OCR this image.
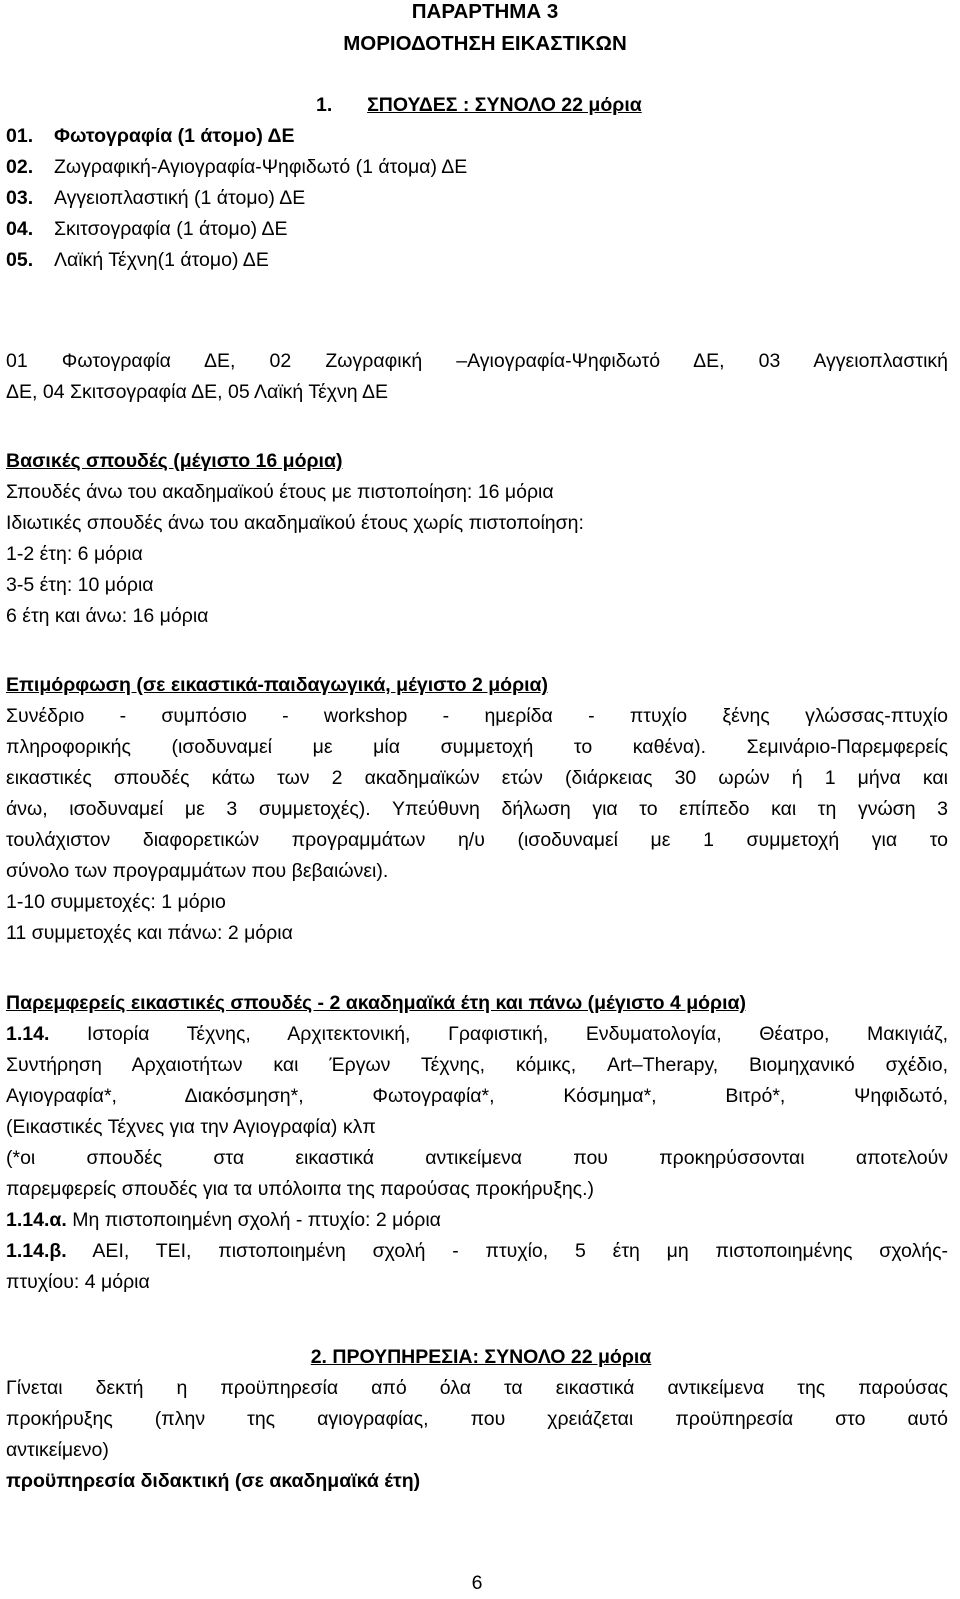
ΠΑΡΑΡΤΗΜΑ 3
ΜΟΡΙΟΔΟΤΗΣΗ ΕΙΚΑΣΤΙΚΩΝ
1. ΣΠΟΥΔΕΣ : ΣΥΝΟΛΟ 22 μόρια
01. Φωτογραφία (1 άτομο) ΔΕ
02. Ζωγραφική-Αγιογραφία-Ψηφιδωτό (1 άτομα) ΔΕ
03. Αγγειοπλαστική (1 άτομο) ΔΕ
04. Σκιτσογραφία (1 άτομο) ΔΕ
05. Λαϊκή Τέχνη(1 άτομο) ΔΕ
01 Φωτογραφία ΔΕ, 02 Ζωγραφική –Αγιογραφία-Ψηφιδωτό ΔΕ, 03 Αγγειοπλαστική
ΔΕ, 04 Σκιτσογραφία ΔΕ, 05 Λαϊκή Τέχνη ΔΕ
Βασικές σπουδές (μέγιστο 16 μόρια)
Σπουδές άνω του ακαδημαϊκού έτους με πιστοποίηση: 16 μόρια
Ιδιωτικές σπουδές άνω του ακαδημαϊκού έτους χωρίς πιστοποίηση:
1-2 έτη: 6 μόρια
3-5 έτη: 10 μόρια
6 έτη και άνω: 16 μόρια
Επιμόρφωση (σε εικαστικά-παιδαγωγικά, μέγιστο 2 μόρια)
Συνέδριο - συμπόσιο - workshop - ημερίδα - πτυχίο ξένης γλώσσας-πτυχίο
πληροφορικής (ισοδυναμεί με μία συμμετοχή το καθένα). Σεμινάριο-Παρεμφερείς
εικαστικές σπουδές κάτω των 2 ακαδημαϊκών ετών (διάρκειας 30 ωρών ή 1 μήνα και
άνω, ισοδυναμεί με 3 συμμετοχές). Υπεύθυνη δήλωση για το επίπεδο και τη γνώση 3
τουλάχιστον διαφορετικών προγραμμάτων η/υ (ισοδυναμεί με 1 συμμετοχή για το
σύνολο των προγραμμάτων που βεβαιώνει).
1-10 συμμετοχές: 1 μόριο
11 συμμετοχές και πάνω: 2 μόρια
Παρεμφερείς εικαστικές σπουδές - 2 ακαδημαϊκά έτη και πάνω (μέγιστο 4 μόρια)
1.14. Ιστορία Τέχνης, Αρχιτεκτονική, Γραφιστική, Ενδυματολογία, Θέατρο, Μακιγιάζ,
Συντήρηση Αρχαιοτήτων και Έργων Τέχνης, κόμικς, Art–Therapy, Βιομηχανικό σχέδιο,
Αγιογραφία*, Διακόσμηση*, Φωτογραφία*, Κόσμημα*, Βιτρό*, Ψηφιδωτό,
(Εικαστικές Τέχνες για την Αγιογραφία) κλπ
(*οι σπουδές στα εικαστικά αντικείμενα που προκηρύσσονται αποτελούν
παρεμφερείς σπουδές για τα υπόλοιπα της παρούσας προκήρυξης.)
1.14.α. Μη πιστοποιημένη σχολή - πτυχίο: 2 μόρια
1.14.β. ΑΕΙ, ΤΕΙ, πιστοποιημένη σχολή - πτυχίο, 5 έτη μη πιστοποιημένης σχολής-
πτυχίου: 4 μόρια
2. ΠΡΟΥΠΗΡΕΣΙΑ: ΣΥΝΟΛΟ 22 μόρια
Γίνεται δεκτή η προϋπηρεσία από όλα τα εικαστικά αντικείμενα της παρούσας
προκήρυξης (πλην της αγιογραφίας, που χρειάζεται προϋπηρεσία στο αυτό
αντικείμενο)
προϋπηρεσία διδακτική (σε ακαδημαϊκά έτη)
6
